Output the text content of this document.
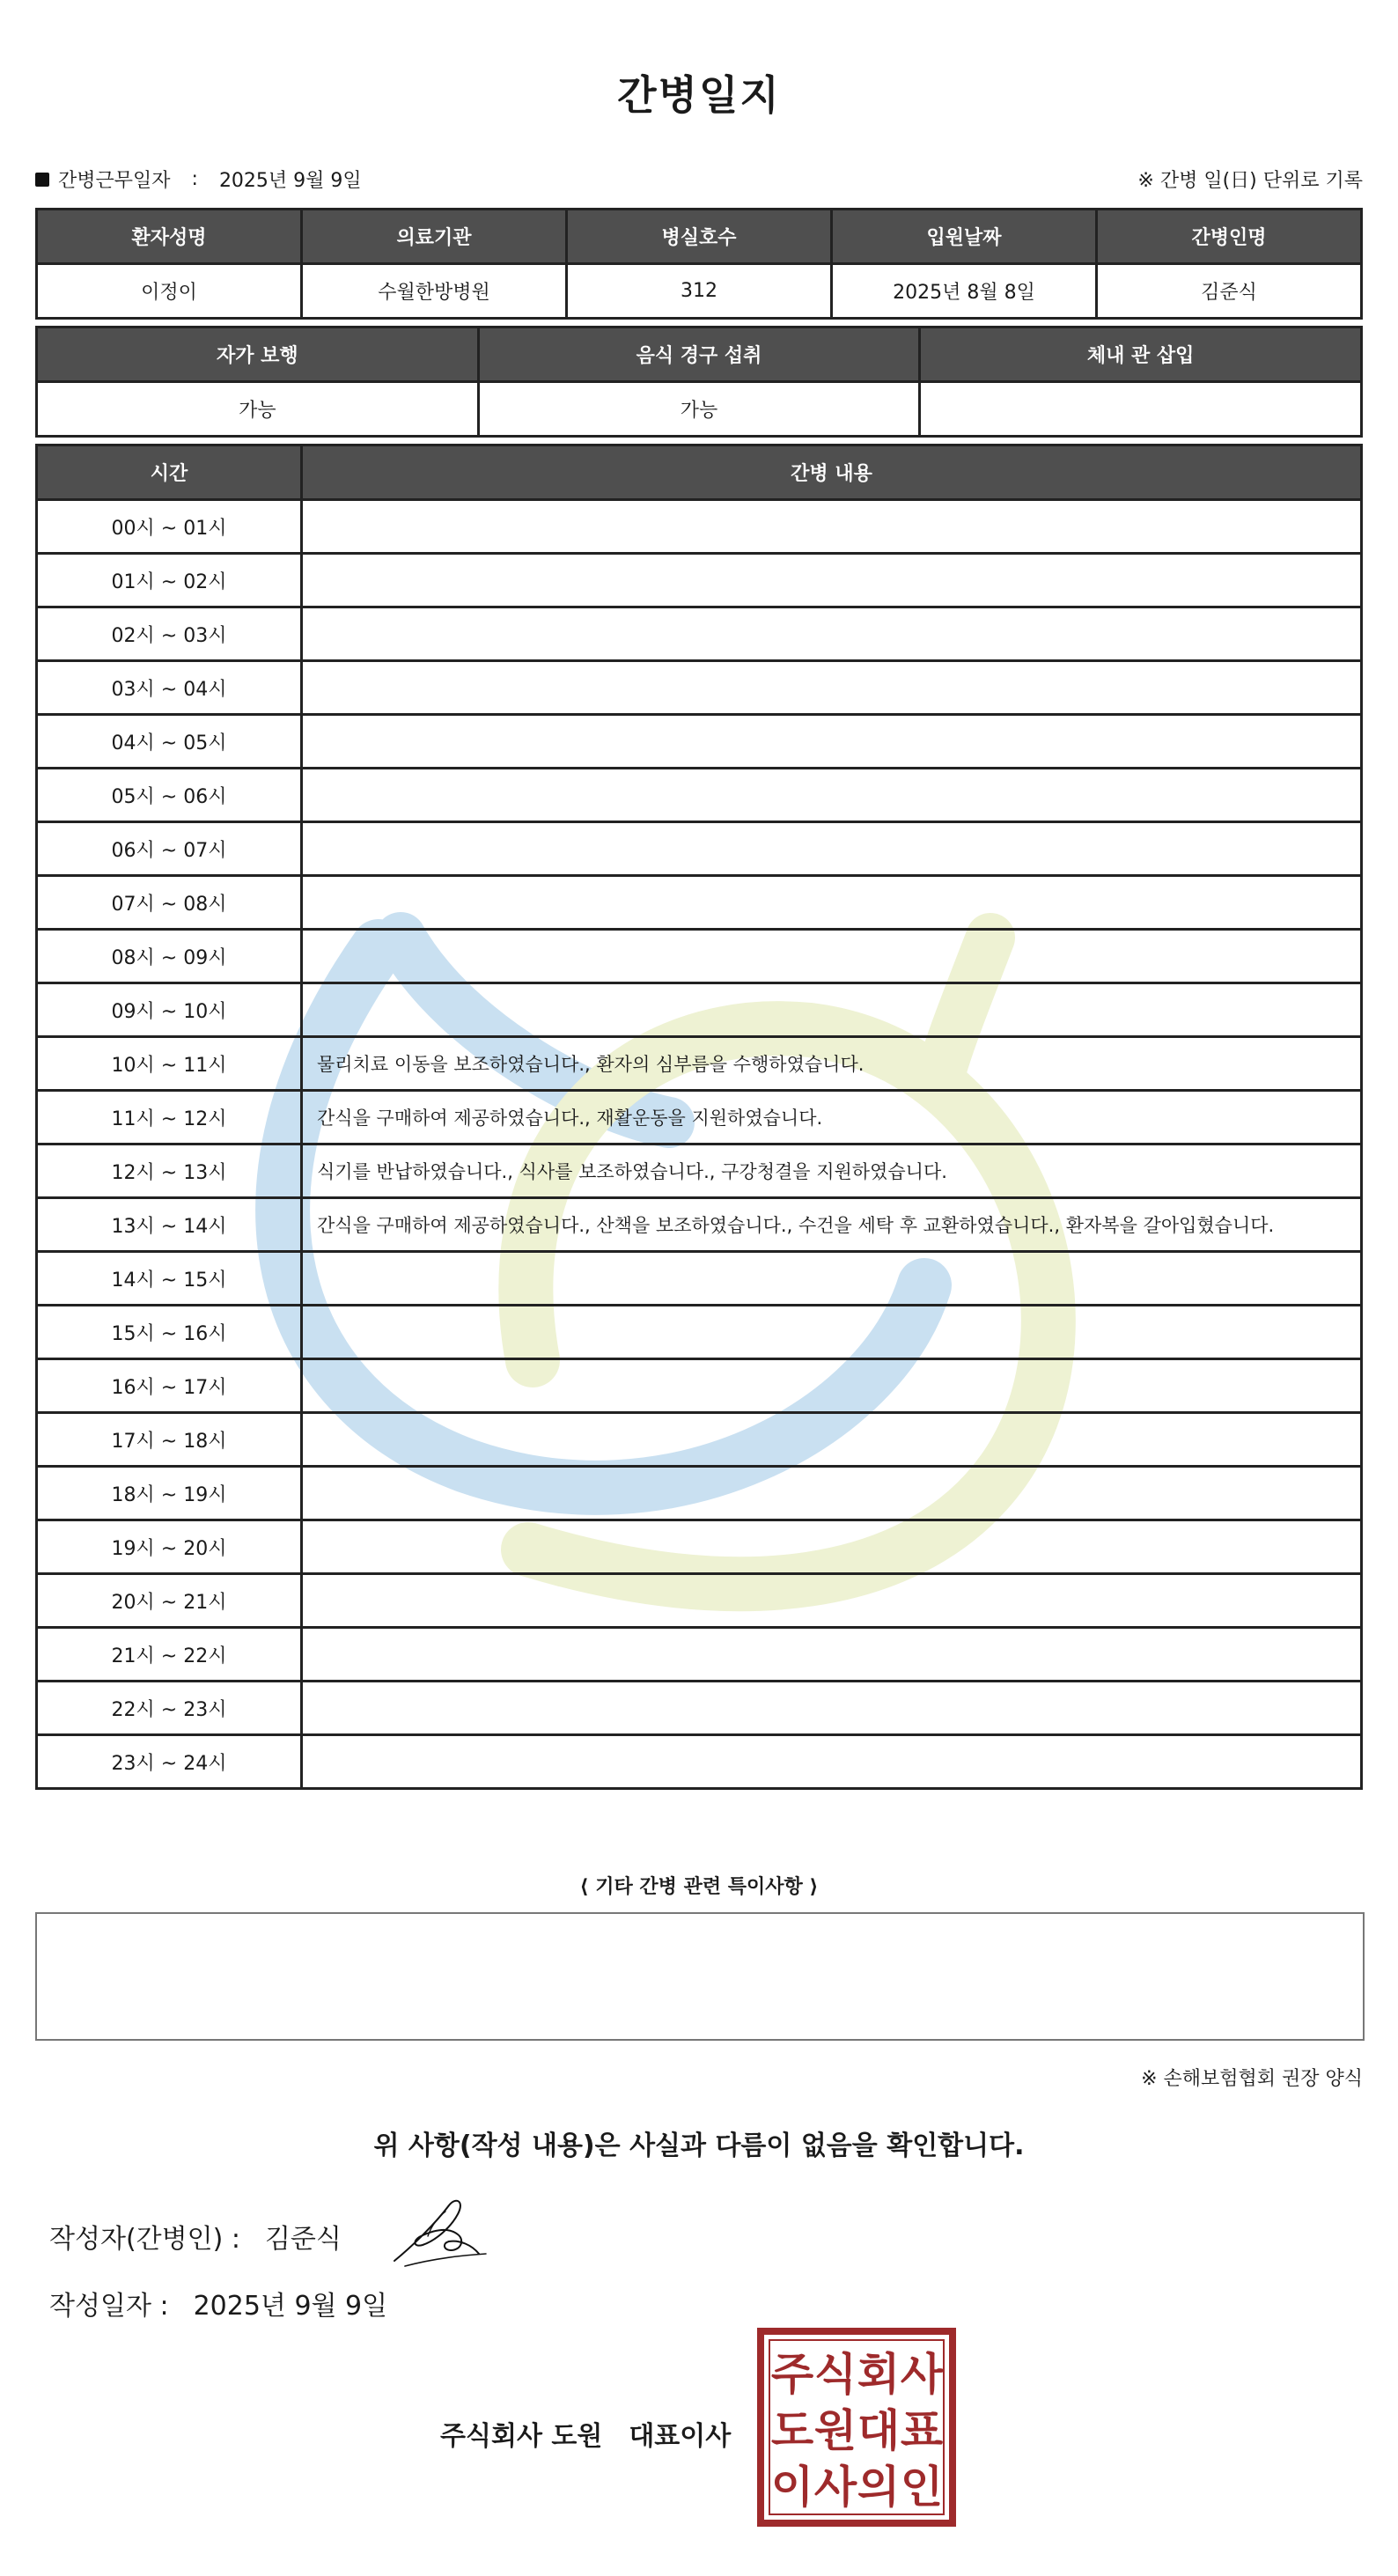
간병일지
간병근무일자 : 2025년 9월 9일	※ 간병 일(日) 단위로 기록
환자성명	의료기관	병실호수	입원날짜	간병인명
이정이	수월한방병원	312	2025년 8월 8일	김준식
자가 보행	음식 경구 섭취	체내 관 삽입
가능	가능	
시간	간병 내용
00시 ~ 01시	
01시 ~ 02시	
02시 ~ 03시	
03시 ~ 04시	
04시 ~ 05시	
05시 ~ 06시	
06시 ~ 07시	
07시 ~ 08시	
08시 ~ 09시	
09시 ~ 10시	
10시 ~ 11시	물리치료 이동을 보조하였습니다., 환자의 심부름을 수행하였습니다.
11시 ~ 12시	간식을 구매하여 제공하였습니다., 재활운동을 지원하였습니다.
12시 ~ 13시	식기를 반납하였습니다., 식사를 보조하였습니다., 구강청결을 지원하였습니다.
13시 ~ 14시	간식을 구매하여 제공하였습니다., 산책을 보조하였습니다., 수건을 세탁 후 교환하였습니다., 환자복을 갈아입혔습니다.
14시 ~ 15시	
15시 ~ 16시	
16시 ~ 17시	
17시 ~ 18시	
18시 ~ 19시	
19시 ~ 20시	
20시 ~ 21시	
21시 ~ 22시	
22시 ~ 23시	
23시 ~ 24시	
⟨ 기타 간병 관련 특이사항 ⟩
※ 손해보험협회 권장 양식
위 사항(작성 내용)은 사실과 다름이 없음을 확인합니다.
작성자(간병인) : 김준식
작성일자 : 2025년 9월 9일
주식회사 도원 대표이사
주 식 회 사
도 원 대 표
이 사 의 인
